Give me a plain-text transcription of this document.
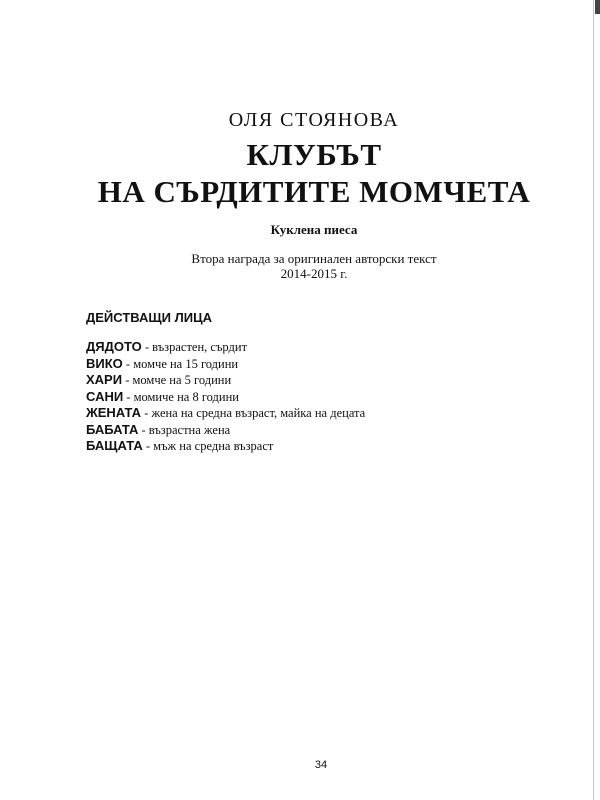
ОЛЯ СТОЯНОВА
КЛУБЪТ
НА СЪРДИТИТЕ МОМЧЕТА
Куклена пиеса
Втора награда за оригинален авторски текст
2014-2015 г.
ДЕЙСТВАЩИ ЛИЦА
ДЯДОТО - възрастен, сърдит
ВИКО - момче на 15 години
ХАРИ - момче на 5 години
САНИ - момиче на 8 години
ЖЕНАТА - жена на средна възраст, майка на децата
БАБАТА - възрастна жена
БАЩАТА - мъж на средна възраст
34
